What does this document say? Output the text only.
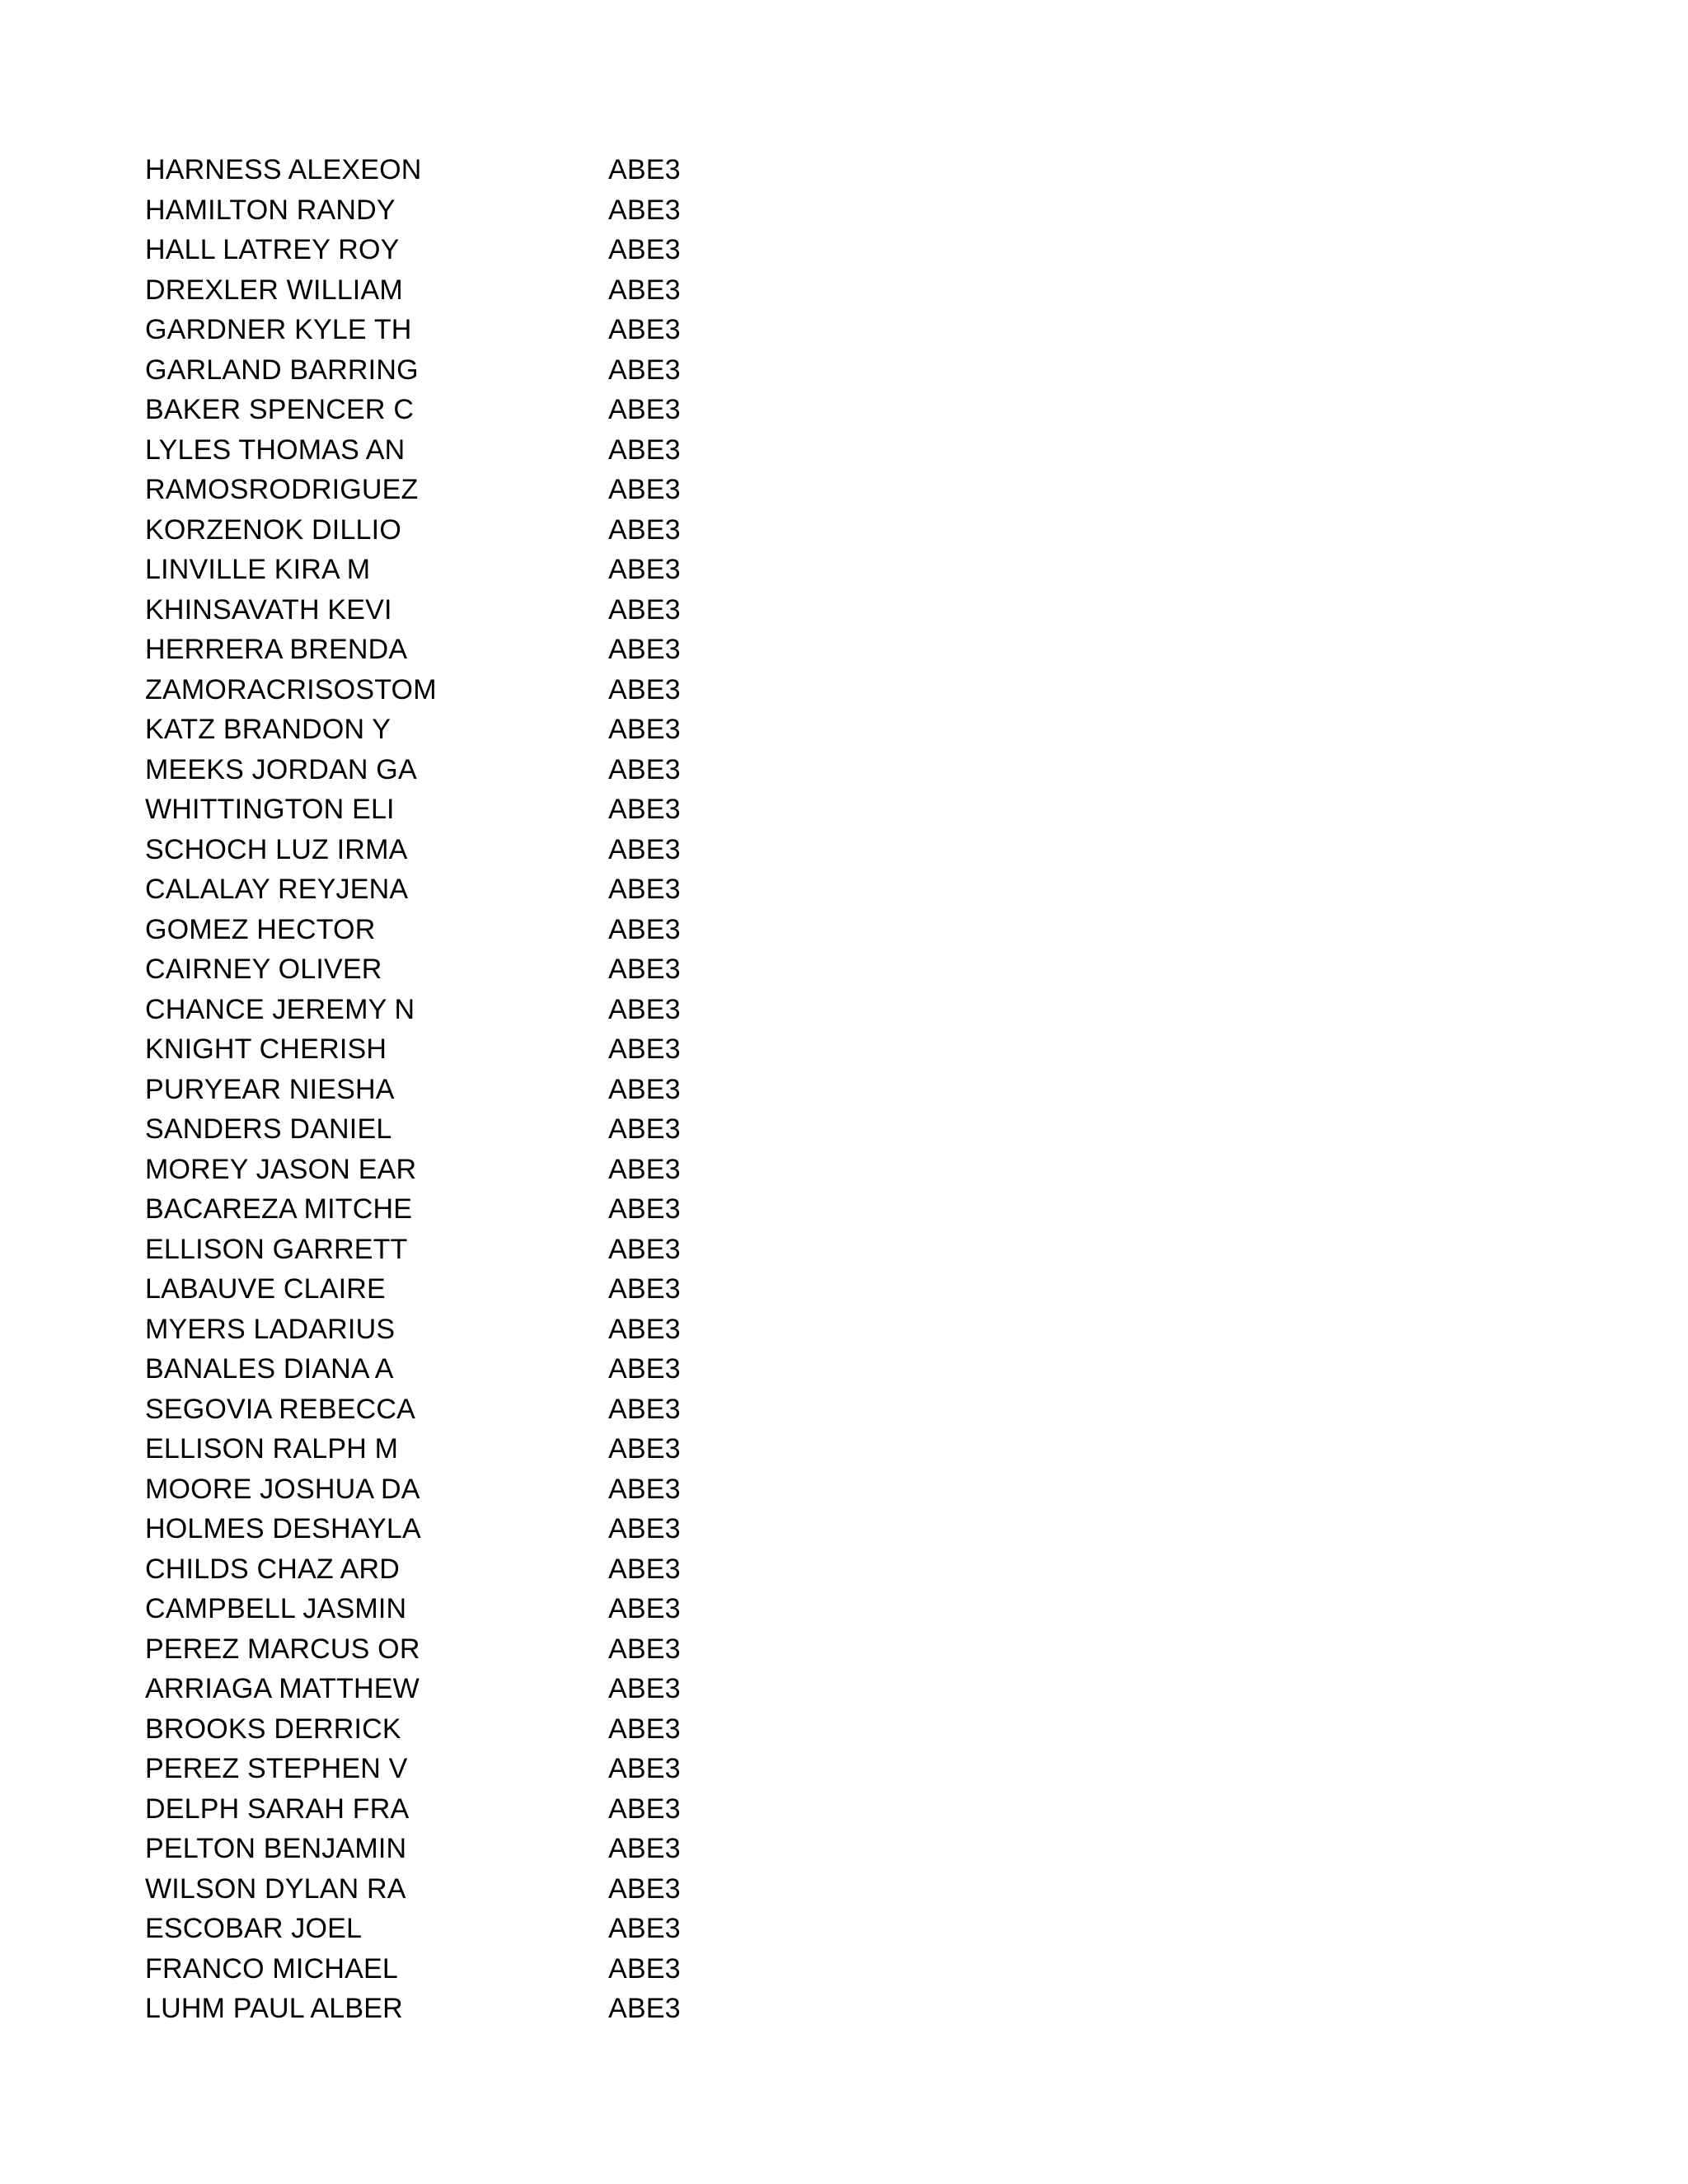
HARNESS ALEXEON	ABE3
HAMILTON RANDY	ABE3
HALL LATREY ROY	ABE3
DREXLER WILLIAM	ABE3
GARDNER KYLE TH	ABE3
GARLAND BARRING	ABE3
BAKER SPENCER C	ABE3
LYLES THOMAS AN	ABE3
RAMOSRODRIGUEZ	ABE3
KORZENOK DILLIO	ABE3
LINVILLE KIRA M	ABE3
KHINSAVATH KEVI	ABE3
HERRERA BRENDA	ABE3
ZAMORACRISOSTOM	ABE3
KATZ BRANDON Y	ABE3
MEEKS JORDAN GA	ABE3
WHITTINGTON ELI	ABE3
SCHOCH LUZ IRMA	ABE3
CALALAY REYJENA	ABE3
GOMEZ HECTOR	ABE3
CAIRNEY OLIVER	ABE3
CHANCE JEREMY N	ABE3
KNIGHT CHERISH	ABE3
PURYEAR NIESHA	ABE3
SANDERS DANIEL	ABE3
MOREY JASON EAR	ABE3
BACAREZA MITCHE	ABE3
ELLISON GARRETT	ABE3
LABAUVE CLAIRE	ABE3
MYERS LADARIUS	ABE3
BANALES DIANA A	ABE3
SEGOVIA REBECCA	ABE3
ELLISON RALPH M	ABE3
MOORE JOSHUA DA	ABE3
HOLMES DESHAYLA	ABE3
CHILDS CHAZ ARD	ABE3
CAMPBELL JASMIN	ABE3
PEREZ MARCUS OR	ABE3
ARRIAGA MATTHEW	ABE3
BROOKS DERRICK	ABE3
PEREZ STEPHEN V	ABE3
DELPH SARAH FRA	ABE3
PELTON BENJAMIN	ABE3
WILSON DYLAN RA	ABE3
ESCOBAR JOEL	ABE3
FRANCO MICHAEL	ABE3
LUHM PAUL ALBER	ABE3
